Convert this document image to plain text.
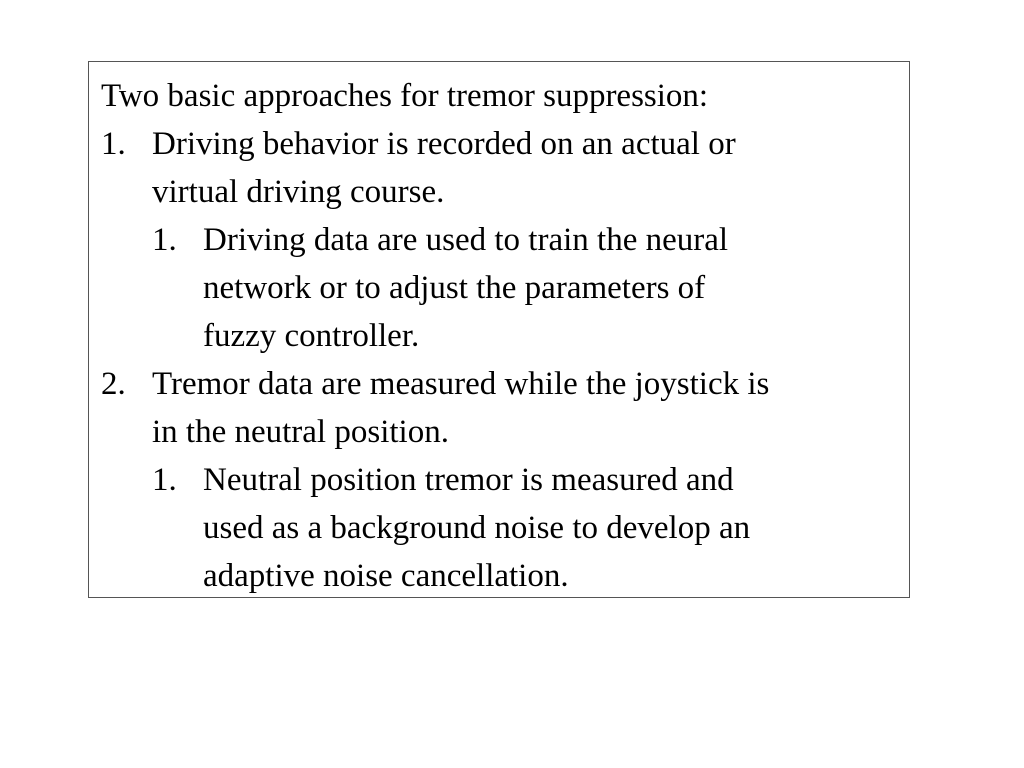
Two basic approaches for tremor suppression:
1. Driving behavior is recorded on an actual or
virtual driving course.
1. Driving data are used to train the neural
network or to adjust the parameters of
fuzzy controller.
2. Tremor data are measured while the joystick is
in the neutral position.
1. Neutral position tremor is measured and
used as a background noise to develop an
adaptive noise cancellation.
